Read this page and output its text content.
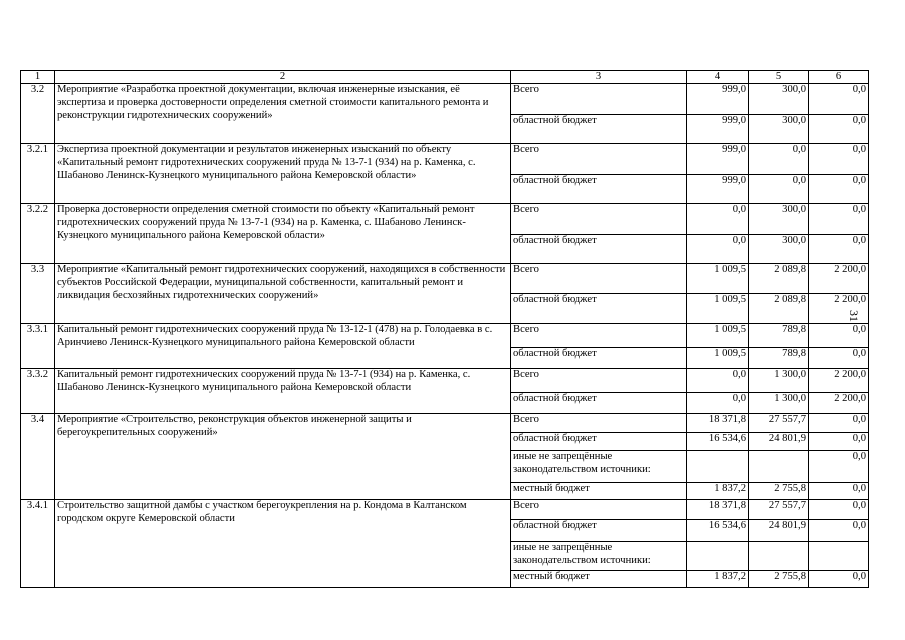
1	2	3	4	5	6
3.2	Мероприятие «Разработка проектной документации, включая инженерные изыскания, её экспертиза и проверка достоверности определения сметной стоимости капитального ремонта и реконструкции гидротехнических сооружений»	Всего	999,0	300,0	0,0
		областной бюджет	999,0	300,0	0,0
3.2.1	Экспертиза проектной документации и результатов инженерных изысканий по объекту «Капитальный ремонт гидротехнических сооружений пруда № 13-7-1 (934) на р. Каменка, с. Шабаново Ленинск-Кузнецкого муниципального района Кемеровской области»	Всего	999,0	0,0	0,0
		областной бюджет	999,0	0,0	0,0
3.2.2	Проверка достоверности определения сметной стоимости по объекту «Капитальный ремонт гидротехнических сооружений пруда № 13-7-1 (934) на р. Каменка, с. Шабаново Ленинск-Кузнецкого муниципального района Кемеровской области»	Всего	0,0	300,0	0,0
		областной бюджет	0,0	300,0	0,0
3.3	Мероприятие «Капитальный ремонт гидротехнических сооружений, находящихся в собственности субъектов Российской Федерации, муниципальной собственности, капитальный ремонт и ликвидация бесхозяйных гидротехнических сооружений»	Всего	1 009,5	2 089,8	2 200,0
		областной бюджет	1 009,5	2 089,8	2 200,0
3.3.1	Капитальный ремонт гидротехнических сооружений пруда № 13-12-1 (478) на р. Голодаевка в с. Аринчиево Ленинск-Кузнецкого муниципального района Кемеровской области	Всего	1 009,5	789,8	0,0
		областной бюджет	1 009,5	789,8	0,0
3.3.2	Капитальный ремонт гидротехнических сооружений пруда № 13-7-1 (934) на р. Каменка, с. Шабаново Ленинск-Кузнецкого муниципального района Кемеровской области	Всего	0,0	1 300,0	2 200,0
		областной бюджет	0,0	1 300,0	2 200,0
3.4	Мероприятие «Строительство, реконструкция объектов инженерной защиты и берегоукрепительных сооружений»	Всего	18 371,8	27 557,7	0,0
		областной бюджет	16 534,6	24 801,9	0,0
		иные не запрещённые законодательством источники:			0,0
		местный бюджет	1 837,2	2 755,8	0,0
3.4.1	Строительство защитной дамбы с участком берегоукрепления на р. Кондома в Калтанском городском округе Кемеровской области	Всего	18 371,8	27 557,7	0,0
		областной бюджет	16 534,6	24 801,9	0,0
		иные не запрещённые законодательством источники:			
		местный бюджет	1 837,2	2 755,8	0,0
31
